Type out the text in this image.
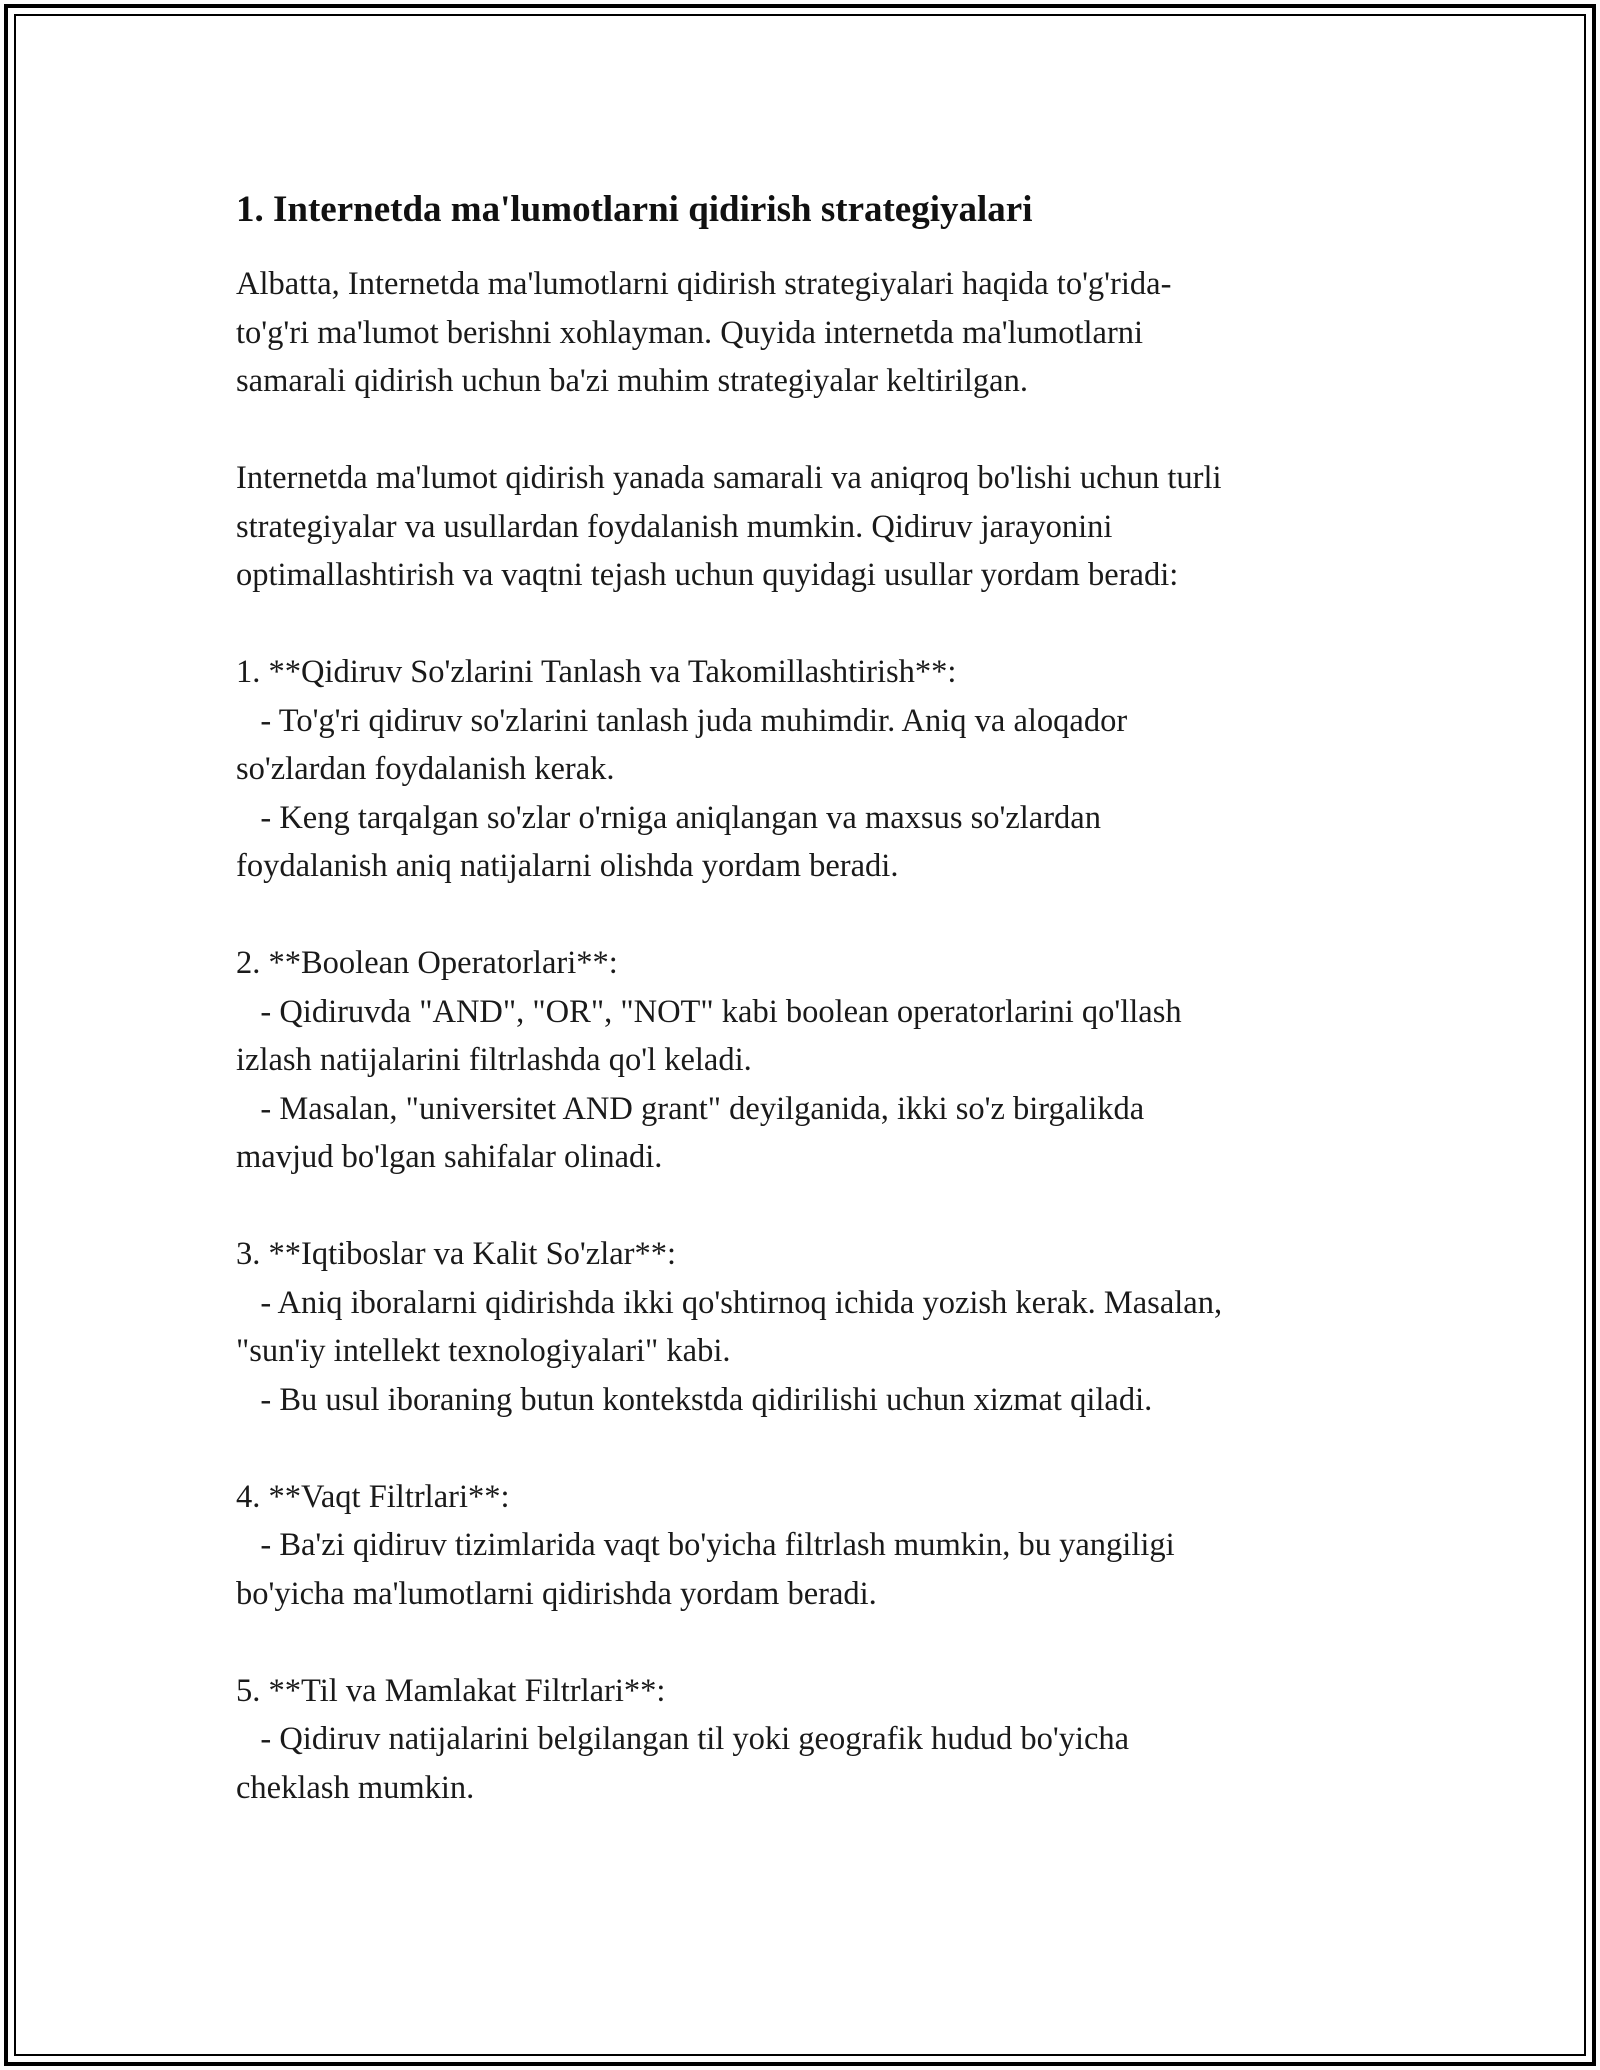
1. Internetda ma'lumotlarni qidirish strategiyalari

Albatta, Internetda ma'lumotlarni qidirish strategiyalari haqida to'g'rida-
to'g'ri ma'lumot berishni xohlayman. Quyida internetda ma'lumotlarni
samarali qidirish uchun ba'zi muhim strategiyalar keltirilgan.

Internetda ma'lumot qidirish yanada samarali va aniqroq bo'lishi uchun turli
strategiyalar va usullardan foydalanish mumkin. Qidiruv jarayonini
optimallashtirish va vaqtni tejash uchun quyidagi usullar yordam beradi:

1. **Qidiruv So'zlarini Tanlash va Takomillashtirish**:

- To'g'ri qidiruv so'zlarini tanlash juda muhimdir. Aniq va aloqador
so'zlardan foydalanish kerak.

- Keng tarqalgan so'zlar o'rniga aniqlangan va maxsus so'zlardan
foydalanish aniq natijalarni olishda yordam beradi.

2. **Boolean Operatorlari**:

- Qidiruvda "AND", "OR", "NOT" kabi boolean operatorlarini qo'llash
izlash natijalarini filtrlashda qo'l keladi.

- Masalan, "universitet AND grant" deyilganida, ikki so'z birgalikda
mavjud bo'lgan sahifalar olinadi.

3. **Iqtiboslar va Kalit So'zlar**:

- Aniq iboralarni qidirishda ikki qo'shtirnoq ichida yozish kerak. Masalan,
"sun'iy intellekt texnologiyalari" kabi.

- Bu usul iboraning butun kontekstda qidirilishi uchun xizmat qiladi.

4. **Vaqt Filtrlari**:

- Ba'zi qidiruv tizimlarida vaqt bo'yicha filtrlash mumkin, bu yangiligi
bo'yicha ma'lumotlarni qidirishda yordam beradi.

5. **Til va Mamlakat Filtrlari**:

- Qidiruv natijalarini belgilangan til yoki geografik hudud bo'yicha
cheklash mumkin.
